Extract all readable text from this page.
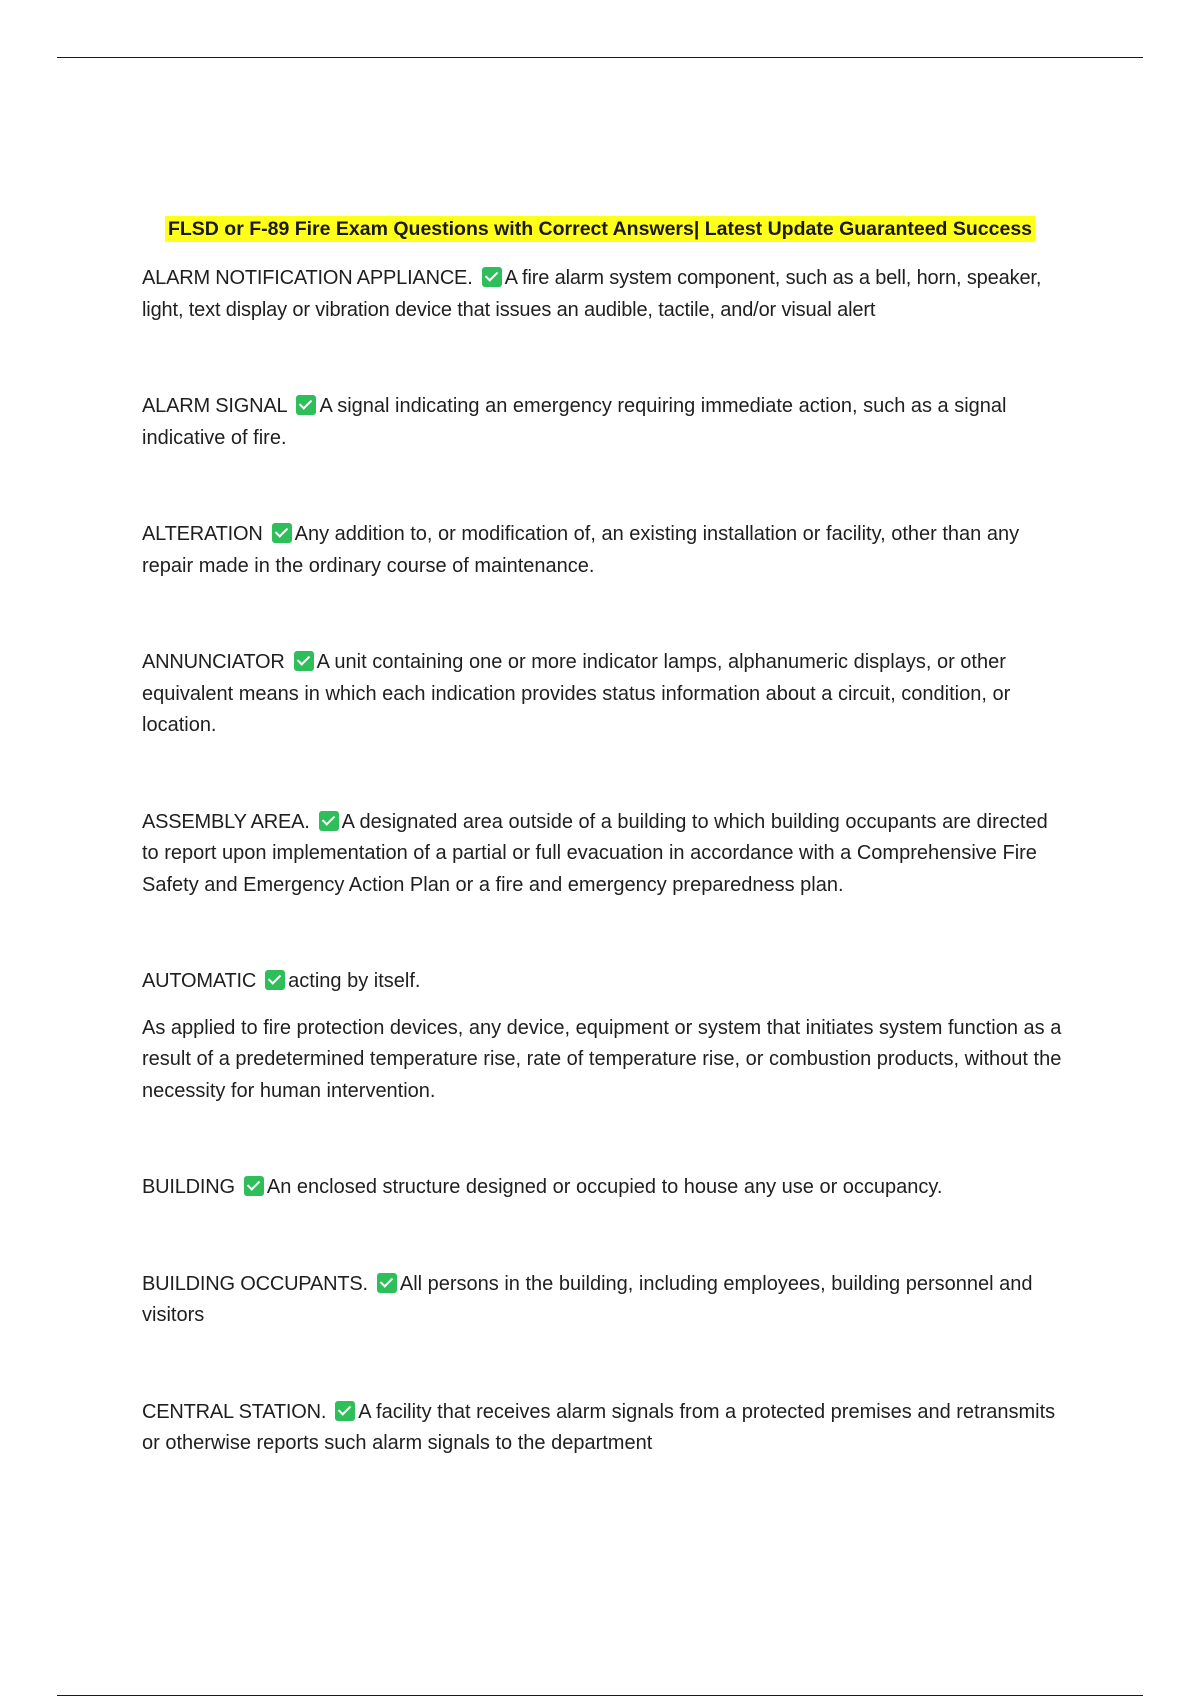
FLSD or F-89 Fire Exam Questions with Correct Answers| Latest Update Guaranteed Success

ALARM NOTIFICATION APPLIANCE. A fire alarm system component, such as a bell, horn, speaker, light, text display or vibration device that issues an audible, tactile, and/or visual alert

ALARM SIGNAL A signal indicating an emergency requiring immediate action, such as a signal indicative of fire.

ALTERATION Any addition to, or modification of, an existing installation or facility, other than any repair made in the ordinary course of maintenance.

ANNUNCIATOR A unit containing one or more indicator lamps, alphanumeric displays, or other equivalent means in which each indication provides status information about a circuit, condition, or location.

ASSEMBLY AREA. A designated area outside of a building to which building occupants are directed to report upon implementation of a partial or full evacuation in accordance with a Comprehensive Fire Safety and Emergency Action Plan or a fire and emergency preparedness plan.

AUTOMATIC acting by itself.

As applied to fire protection devices, any device, equipment or system that initiates system function as a result of a predetermined temperature rise, rate of temperature rise, or combustion products, without the necessity for human intervention.

BUILDING An enclosed structure designed or occupied to house any use or occupancy.

BUILDING OCCUPANTS. All persons in the building, including employees, building personnel and visitors

CENTRAL STATION. A facility that receives alarm signals from a protected premises and retransmits or otherwise reports such alarm signals to the department
